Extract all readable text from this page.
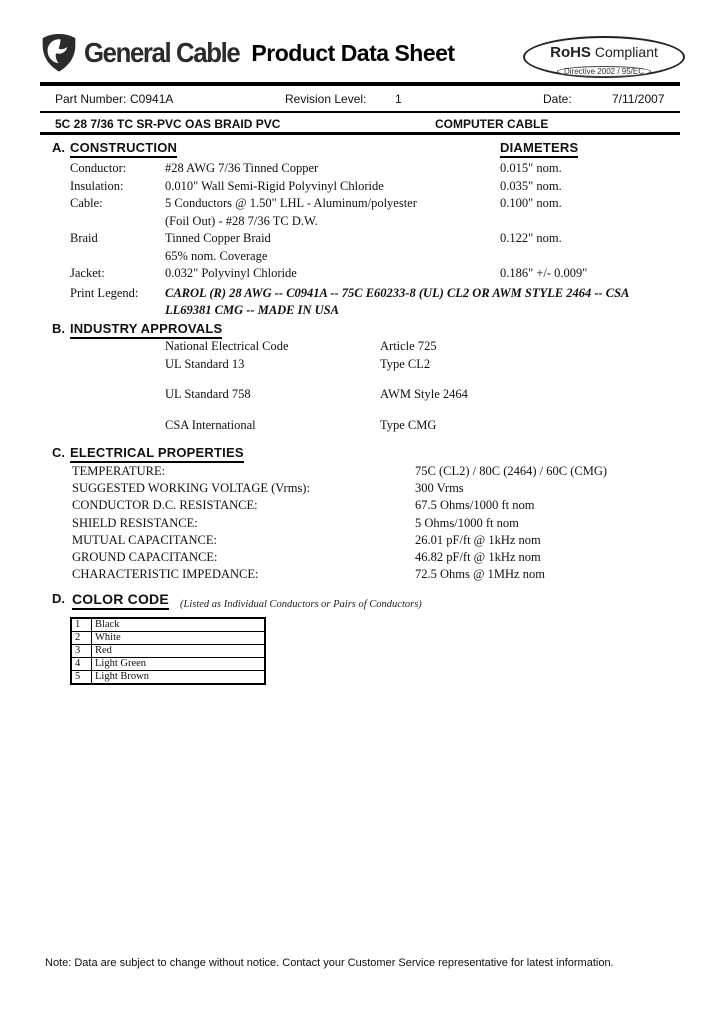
General Cable Product Data Sheet	RoHS Compliant
Directive 2002 / 95/EC
Part Number: C0941A	Revision Level: 1	Date:	7/11/2007
5C 28 7/36 TC SR-PVC OAS BRAID PVC	COMPUTER CABLE
A. CONSTRUCTION	DIAMETERS
Conductor:	#28 AWG 7/36 Tinned Copper	0.015" nom.
Insulation:	0.010" Wall Semi-Rigid Polyvinyl Chloride	0.035" nom.
Cable:	5 Conductors @ 1.50" LHL - Aluminum/polyester	0.100" nom.
(Foil Out) - #28 7/36 TC D.W.
Braid	Tinned Copper Braid	0.122" nom.
65% nom. Coverage
Jacket:	0.032" Polyvinyl Chloride	0.186" +/- 0.009"
Print Legend:	CAROL (R) 28 AWG -- C0941A -- 75C E60233-8 (UL) CL2 OR AWM STYLE 2464 -- CSA
LL69381 CMG -- MADE IN USA
B. INDUSTRY APPROVALS
National Electrical Code	Article 725
UL Standard 13	Type CL2
UL Standard 758	AWM Style 2464
CSA International	Type CMG
C. ELECTRICAL PROPERTIES
TEMPERATURE:	75C (CL2) / 80C (2464) / 60C (CMG)
SUGGESTED WORKING VOLTAGE (Vrms):	300 Vrms
CONDUCTOR D.C. RESISTANCE:	67.5 Ohms/1000 ft nom
SHIELD RESISTANCE:	5 Ohms/1000 ft nom
MUTUAL CAPACITANCE:	26.01 pF/ft @ 1kHz nom
GROUND CAPACITANCE:	46.82 pF/ft @ 1kHz nom
CHARACTERISTIC IMPEDANCE:	72.5 Ohms @ 1MHz nom
D. COLOR CODE (Listed as Individual Conductors or Pairs of Conductors)
1	Black
2	White
3	Red
4	Light Green
5	Light Brown
Note: Data are subject to change without notice. Contact your Customer Service representative for latest information.
